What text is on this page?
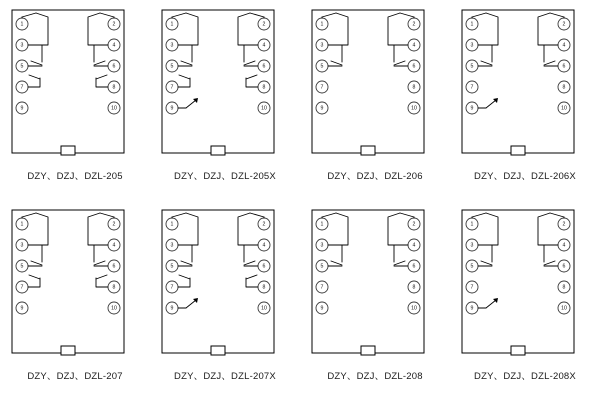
1
3
5
7
9
2
4
6
8
10
DZY、DZJ、DZL-205
1
3
5
7
9
2
4
6
8
10
DZY、DZJ、DZL-205X
1
3
5
7
9
2
4
6
8
10
DZY、DZJ、DZL-206
1
3
5
7
9
2
4
6
8
10
DZY、DZJ、DZL-206X
1
3
5
7
9
2
4
6
8
10
DZY、DZJ、DZL-207
1
3
5
7
9
2
4
6
8
10
DZY、DZJ、DZL-207X
1
3
5
7
9
2
4
6
8
10
DZY、DZJ、DZL-208
1
3
5
7
9
2
4
6
8
10
DZY、DZJ、DZL-208X
